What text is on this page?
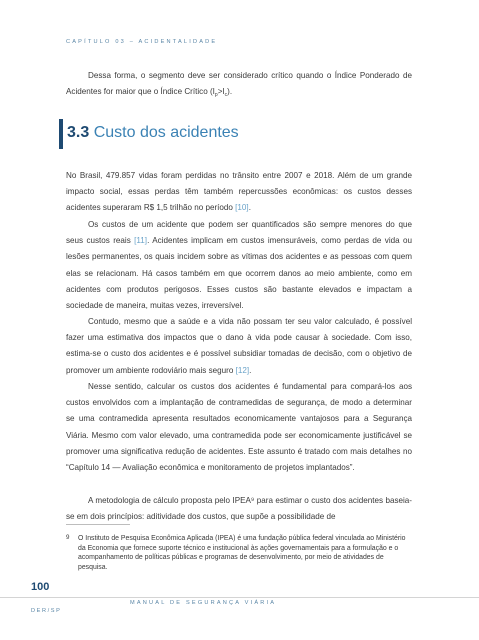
CAPÍTULO 03 – ACIDENTALIDADE
Dessa forma, o segmento deve ser considerado crítico quando o Índice Ponderado de Acidentes for maior que o Índice Crítico $(I_p>I_c)$.
3.3 Custo dos acidentes
No Brasil, 479.857 vidas foram perdidas no trânsito entre 2007 e 2018. Além de um grande impacto social, essas perdas têm também repercussões econômicas: os custos desses acidentes superaram R$ 1,5 trilhão no período [10].
Os custos de um acidente que podem ser quantificados são sempre menores do que seus custos reais [11]. Acidentes implicam em custos imensuráveis, como perdas de vida ou lesões permanentes, os quais incidem sobre as vítimas dos acidentes e as pessoas com quem elas se relacionam. Há casos também em que ocorrem danos ao meio ambiente, como em acidentes com produtos perigosos. Esses custos são bastante elevados e impactam a sociedade de maneira, muitas vezes, irreversível.
Contudo, mesmo que a saúde e a vida não possam ter seu valor calculado, é possível fazer uma estimativa dos impactos que o dano à vida pode causar à sociedade. Com isso, estima-se o custo dos acidentes e é possível subsidiar tomadas de decisão, com o objetivo de promover um ambiente rodoviário mais seguro [12].
Nesse sentido, calcular os custos dos acidentes é fundamental para compará-los aos custos envolvidos com a implantação de contramedidas de segurança, de modo a determinar se uma contramedida apresenta resultados economicamente vantajosos para a Segurança Viária. Mesmo com valor elevado, uma contramedida pode ser economicamente justificável se promover uma significativa redução de acidentes. Este assunto é tratado com mais detalhes no “Capítulo 14 — Avaliação econômica e monitoramento de projetos implantados”.
A metodologia de cálculo proposta pelo IPEA⁹ para estimar o custo dos acidentes baseia-se em dois princípios: aditividade dos custos, que supõe a possibilidade de
9 O Instituto de Pesquisa Econômica Aplicada (IPEA) é uma fundação pública federal vinculada ao Ministério da Economia que fornece suporte técnico e institucional às ações governamentais para a formulação e o acompanhamento de políticas públicas e programas de desenvolvimento, por meio de atividades de pesquisa.
100
DER/SP
MANUAL DE SEGURANÇA VIÁRIA
